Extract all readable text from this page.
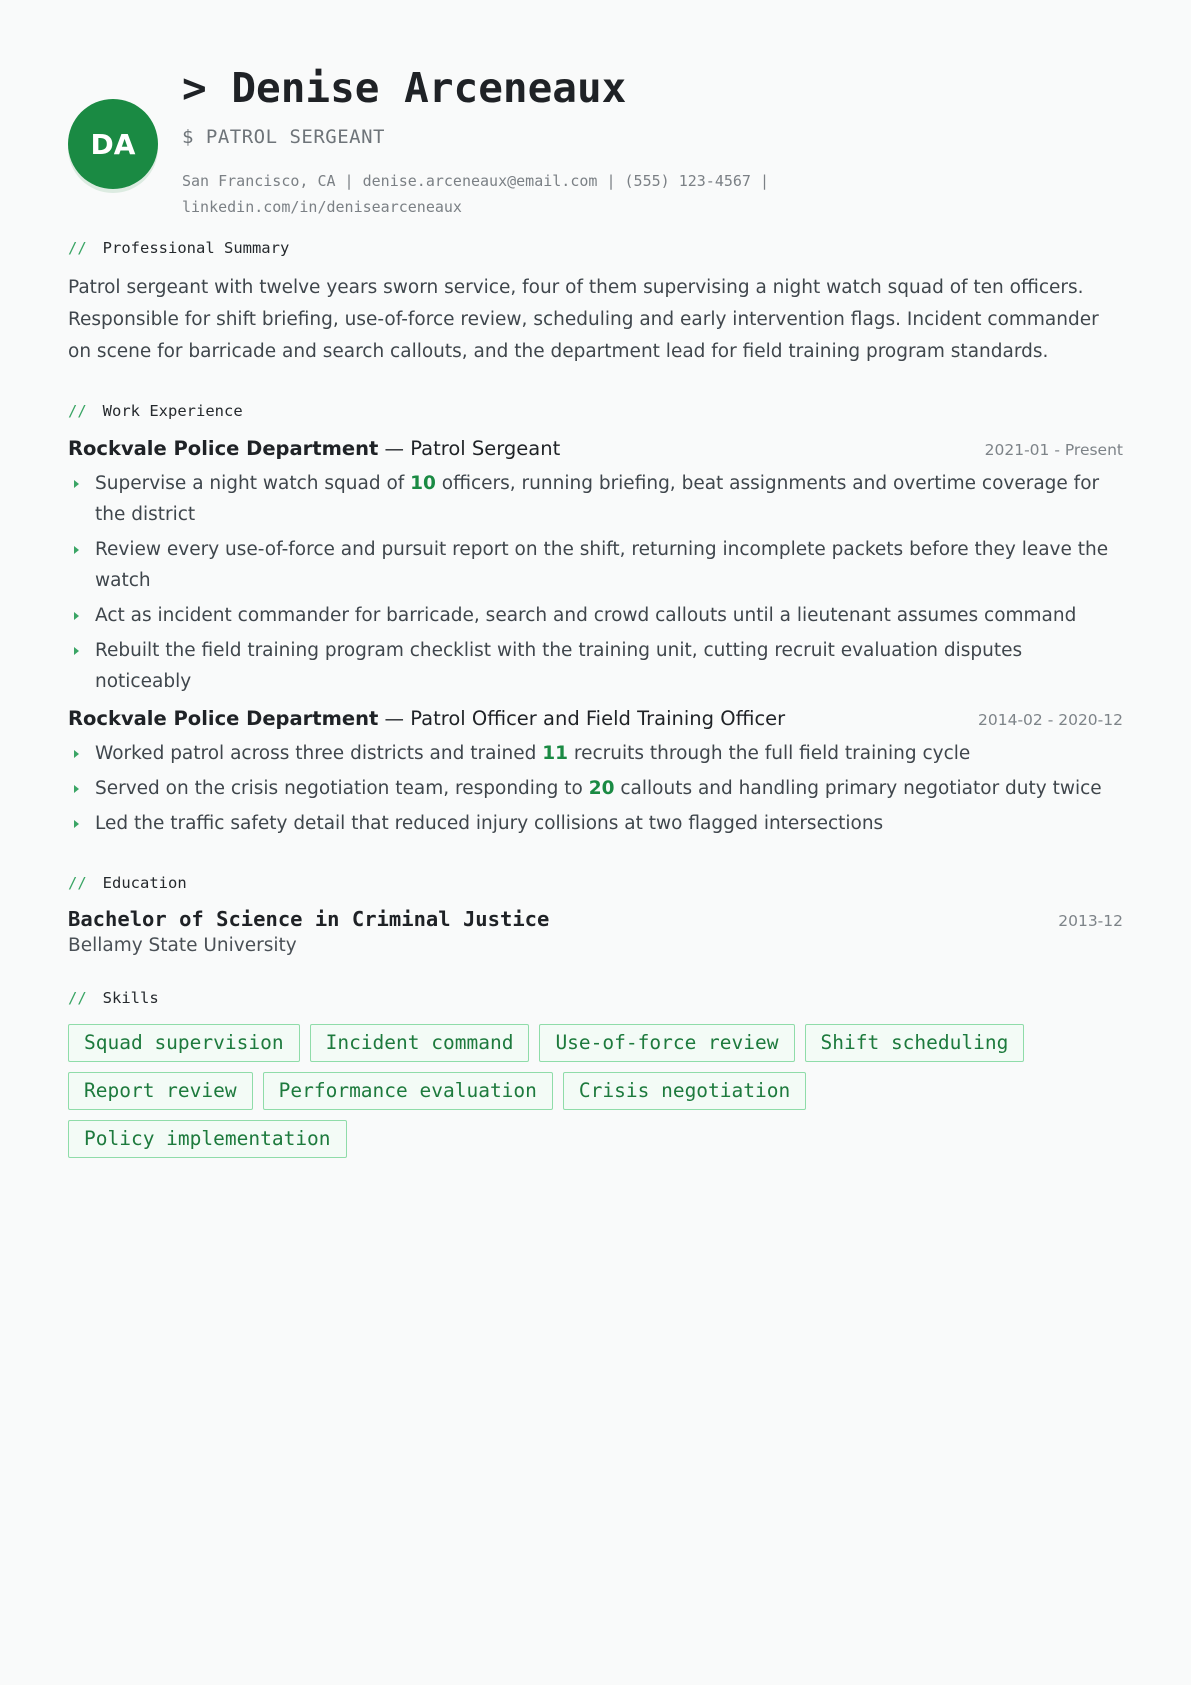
DA
> Denise Arceneaux
$ PATROL SERGEANT
San Francisco, CA | denise.arceneaux@email.com | (555) 123-4567 | linkedin.com/in/denisearceneaux
// Professional Summary

Patrol sergeant with twelve years sworn service, four of them supervising a night watch squad of ten officers. Responsible for shift briefing, use-of-force review, scheduling and early intervention flags. Incident commander on scene for barricade and search callouts, and the department lead for field training program standards.

// Work Experience
Rockvale Police Department — Patrol Sergeant	2021-01 - Present
Supervise a night watch squad of 10 officers, running briefing, beat assignments and overtime coverage for the district
Review every use-of-force and pursuit report on the shift, returning incomplete packets before they leave the watch
Act as incident commander for barricade, search and crowd callouts until a lieutenant assumes command
Rebuilt the field training program checklist with the training unit, cutting recruit evaluation disputes noticeably
Rockvale Police Department — Patrol Officer and Field Training Officer	2014-02 - 2020-12
Worked patrol across three districts and trained 11 recruits through the full field training cycle
Served on the crisis negotiation team, responding to 20 callouts and handling primary negotiator duty twice
Led the traffic safety detail that reduced injury collisions at two flagged intersections
// Education
Bachelor of Science in Criminal Justice	2013-12
Bellamy State University
// Skills
Squad supervision	Incident command	Use-of-force review	Shift scheduling
Report review	Performance evaluation	Crisis negotiation
Policy implementation
